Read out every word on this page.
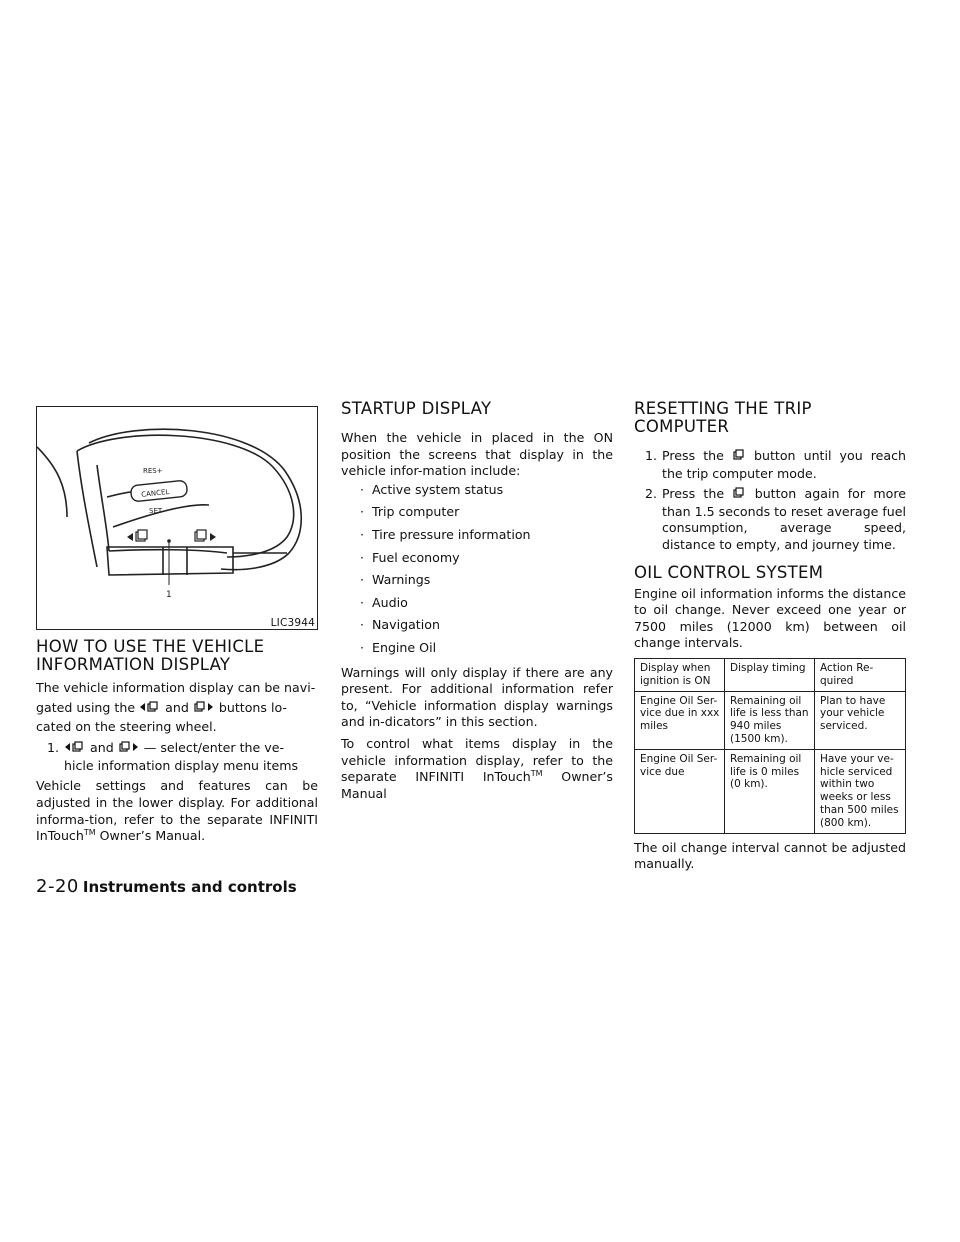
RES+
CANCEL
SET−
1
LIC3944
HOW TO USE THE VEHICLE
INFORMATION DISPLAY

The vehicle information display can be navi-
gated using the and buttons lo-
cated on the steering wheel.

1.	and — select/enter the ve-
hicle information display menu items

Vehicle settings and features can be adjusted in the lower display. For additional informa-tion, refer to the separate INFINITI InTouch™ Owner’s Manual.

STARTUP DISPLAY

When the vehicle in placed in the ON position the screens that display in the vehicle infor-mation include:

· Active system status
· Trip computer
· Tire pressure information
· Fuel economy
· Warnings
· Audio
· Navigation
· Engine Oil

Warnings will only display if there are any present. For additional information refer to, “Vehicle information display warnings and in-dicators” in this section.

To control what items display in the vehicle information display, refer to the separate INFINITI InTouch™ Owner’s Manual

RESETTING THE TRIP
COMPUTER
1. Press the button until you reach the trip computer mode.
2. Press the button again for more than 1.5 seconds to reset average fuel consumption, average speed, distance to empty, and journey time.
OIL CONTROL SYSTEM

Engine oil information informs the distance to oil change. Never exceed one year or 7500 miles (12000 km) between oil change intervals.

Display when ignition is ON	Display timing	Action Re-quired
Engine Oil Ser-vice due in xxx miles	Remaining oil life is less than 940 miles (1500 km).	Plan to have your vehicle serviced.
Engine Oil Ser-vice due	Remaining oil life is 0 miles (0 km).	Have your ve-hicle serviced within two weeks or less than 500 miles (800 km).

The oil change interval cannot be adjusted manually.

2-20 Instruments and controls
